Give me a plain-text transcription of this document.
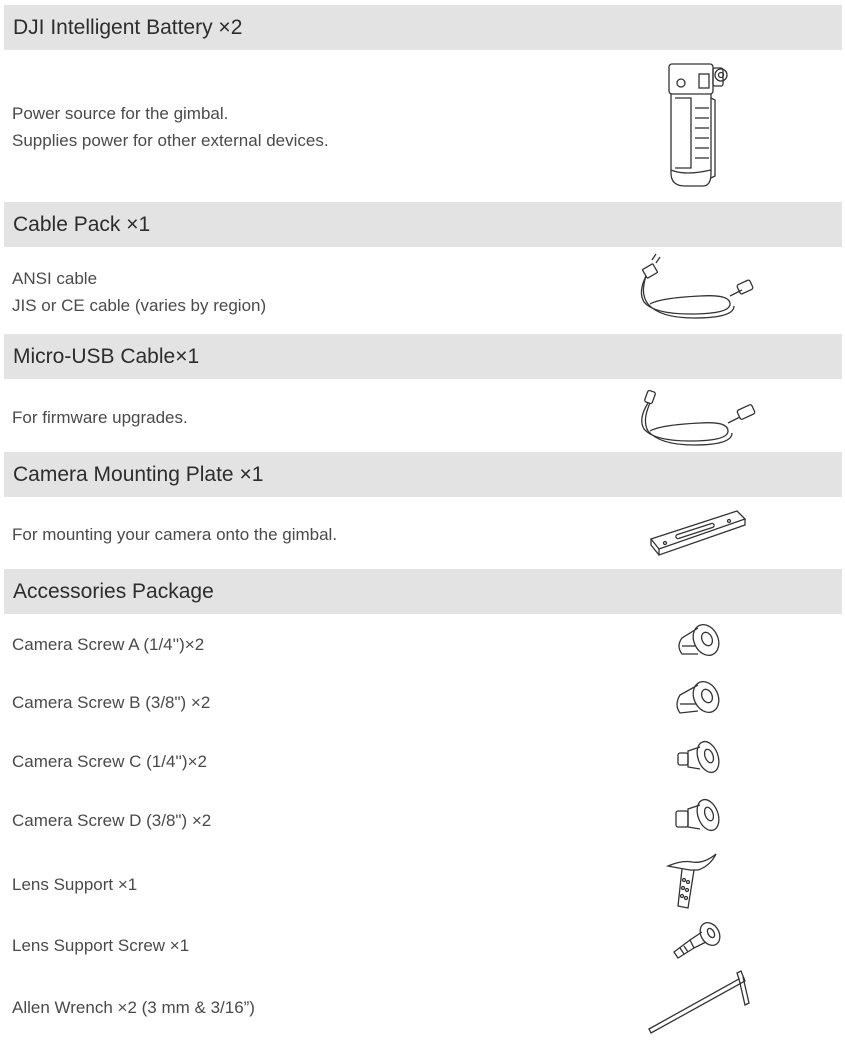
DJI Intelligent Battery ×2
Power source for the gimbal.
Supplies power for other external devices.
Cable Pack ×1
ANSI cable
JIS or CE cable (varies by region)
Micro-USB Cable×1
For firmware upgrades.
Camera Mounting Plate ×1
For mounting your camera onto the gimbal.
Accessories Package
Camera Screw A (1/4'')×2
Camera Screw B (3/8") ×2
Camera Screw C (1/4'')×2
Camera Screw D (3/8") ×2
Lens Support ×1
Lens Support Screw ×1
Allen Wrench ×2 (3 mm & 3/16”)
